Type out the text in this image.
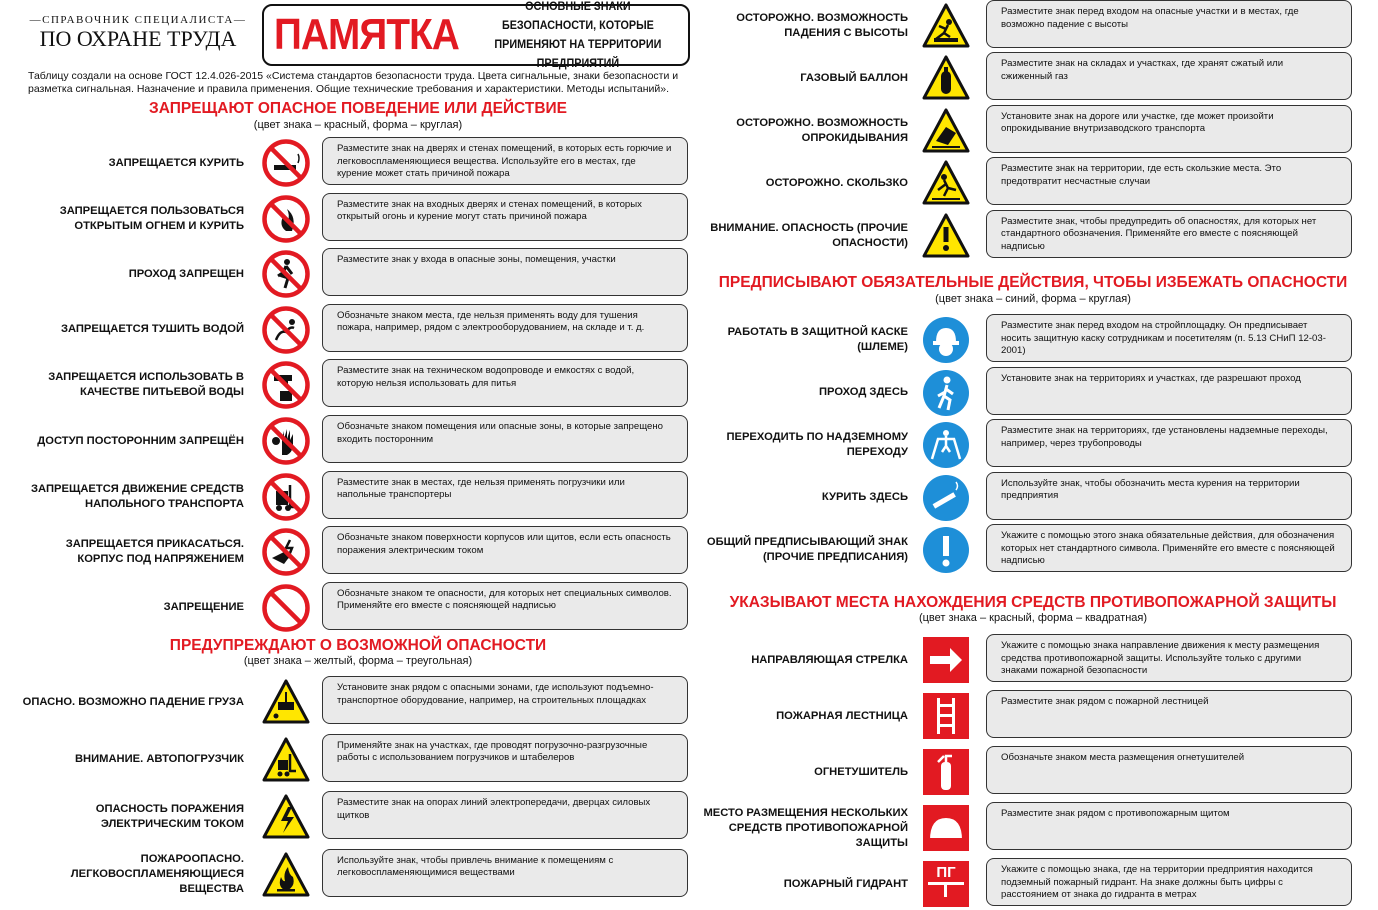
—СПРАВОЧНИК СПЕЦИАЛИСТА—
ПО ОХРАНЕ ТРУДА ПАМЯТКА
ОСНОВНЫЕ ЗНАКИ БЕЗОПАСНОСТИ, КОТОРЫЕ
ПРИМЕНЯЮТ НА ТЕРРИТОРИИ ПРЕДПРИЯТИЙ
Таблицу создали на основе ГОСТ 12.4.026-2015 «Система стандартов безопасности труда. Цвета сигнальные, знаки безопасности и разметка сигнальная. Назначение и правила применения. Общие технические требования и характеристики. Методы испытаний».
ЗАПРЕЩАЮТ ОПАСНОЕ ПОВЕДЕНИЕ ИЛИ ДЕЙСТВИЕ
(цвет знака – красный, форма – круглая)
ПРЕДУПРЕЖДАЮТ О ВОЗМОЖНОЙ ОПАСНОСТИ
(цвет знака – желтый, форма – треугольная)
ПРЕДПИСЫВАЮТ ОБЯЗАТЕЛЬНЫЕ ДЕЙСТВИЯ, ЧТОБЫ ИЗБЕЖАТЬ ОПАСНОСТИ
(цвет знака – синий, форма – круглая)
УКАЗЫВАЮТ МЕСТА НАХОЖДЕНИЯ СРЕДСТВ ПРОТИВОПОЖАРНОЙ ЗАЩИТЫ
(цвет знака – красный, форма – квадратная)
ЗАПРЕЩАЕТСЯ КУРИТЬ
Разместите знак на дверях и стенах помещений, в которых есть горючие и легковоспламеняющиеся вещества. Используйте его в местах, где курение может стать причиной пожара
ЗАПРЕЩАЕТСЯ ПОЛЬЗОВАТЬСЯ ОТКРЫТЫМ ОГНЕМ И КУРИТЬ
Разместите знак на входных дверях и стенах помещений, в которых открытый огонь и курение могут стать причиной пожара
ПРОХОД ЗАПРЕЩЕН
Разместите знак у входа в опасные зоны, помещения, участки
ЗАПРЕЩАЕТСЯ ТУШИТЬ ВОДОЙ
Обозначьте знаком места, где нельзя применять воду для тушения пожара, например, рядом с электрооборудованием, на складе и т. д.
ЗАПРЕЩАЕТСЯ ИСПОЛЬЗОВАТЬ В КАЧЕСТВЕ ПИТЬЕВОЙ ВОДЫ
Разместите знак на техническом водопроводе и емкостях с водой, которую нельзя использовать для питья
ДОСТУП ПОСТОРОННИМ ЗАПРЕЩЁН
Обозначьте знаком помещения или опасные зоны, в которые запрещено входить посторонним
ЗАПРЕЩАЕТСЯ ДВИЖЕНИЕ СРЕДСТВ НАПОЛЬНОГО ТРАНСПОРТА
Разместите знак в местах, где нельзя применять погрузчики или напольные транспортеры
ЗАПРЕЩАЕТСЯ ПРИКАСАТЬСЯ. КОРПУС ПОД НАПРЯЖЕНИЕМ
Обозначьте знаком поверхности корпусов или щитов, если есть опасность поражения электрическим током
ЗАПРЕЩЕНИЕ
Обозначьте знаком те опасности, для которых нет специальных символов. Применяйте его вместе с поясняющей надписью
ОПАСНО. ВОЗМОЖНО ПАДЕНИЕ ГРУЗА
Установите знак рядом с опасными зонами, где используют подъемно-транспортное оборудование, например, на строительных площадках
ВНИМАНИЕ. АВТОПОГРУЗЧИК
Применяйте знак на участках, где проводят погрузочно-разгрузочные работы с использованием погрузчиков и штабелеров
ОПАСНОСТЬ ПОРАЖЕНИЯ ЭЛЕКТРИЧЕСКИМ ТОКОМ
Разместите знак на опорах линий электропередачи, дверцах силовых щитков
ПОЖАРООПАСНО. ЛЕГКОВОСПЛАМЕНЯЮЩИЕСЯ ВЕЩЕСТВА
Используйте знак, чтобы привлечь внимание к помещениям с легковоспламеняющимися веществами
ОСТОРОЖНО. ВОЗМОЖНОСТЬ ПАДЕНИЯ С ВЫСОТЫ
Разместите знак перед входом на опасные участки и в местах, где возможно падение с высоты
ГАЗОВЫЙ БАЛЛОН
Разместите знак на складах и участках, где хранят сжатый или сжиженный газ
ОСТОРОЖНО. ВОЗМОЖНОСТЬ ОПРОКИДЫВАНИЯ
Установите знак на дороге или участке, где может произойти опрокидывание внутризаводского транспорта
ОСТОРОЖНО. СКОЛЬЗКО
Разместите знак на территории, где есть скользкие места. Это предотвратит несчастные случаи
ВНИМАНИЕ. ОПАСНОСТЬ (ПРОЧИЕ ОПАСНОСТИ)
Разместите знак, чтобы предупредить об опасностях, для которых нет стандартного обозначения. Применяйте его вместе с поясняющей надписью
РАБОТАТЬ В ЗАЩИТНОЙ КАСКЕ (ШЛЕМЕ)
Разместите знак перед входом на стройплощадку. Он предписывает носить защитную каску сотрудникам и посетителям (п. 5.13 СНиП 12-03-2001)
ПРОХОД ЗДЕСЬ
Установите знак на территориях и участках, где разрешают проход
ПЕРЕХОДИТЬ ПО НАДЗЕМНОМУ ПЕРЕХОДУ
Разместите знак на территориях, где установлены надземные переходы, например, через трубопроводы
КУРИТЬ ЗДЕСЬ
Используйте знак, чтобы обозначить места курения на территории предприятия
ОБЩИЙ ПРЕДПИСЫВАЮЩИЙ ЗНАК (ПРОЧИЕ ПРЕДПИСАНИЯ)
Укажите с помощью этого знака обязательные действия, для обозначения которых нет стандартного символа. Применяйте его вместе с поясняющей надписью
НАПРАВЛЯЮЩАЯ СТРЕЛКА
Укажите с помощью знака направление движения к месту размещения средства противопожарной защиты. Используйте только с другими знаками пожарной безопасности
ПОЖАРНАЯ ЛЕСТНИЦА
Разместите знак рядом с пожарной лестницей
ОГНЕТУШИТЕЛЬ
Обозначьте знаком места размещения огнетушителей
МЕСТО РАЗМЕЩЕНИЯ НЕСКОЛЬКИХ СРЕДСТВ ПРОТИВОПОЖАРНОЙ ЗАЩИТЫ
Разместите знак рядом с противопожарным щитом
ПОЖАРНЫЙ ГИДРАНТ
ПГ	Укажите с помощью знака, где на территории предприятия находится подземный пожарный гидрант. На знаке должны быть цифры с расстоянием от знака до гидранта в метрах
